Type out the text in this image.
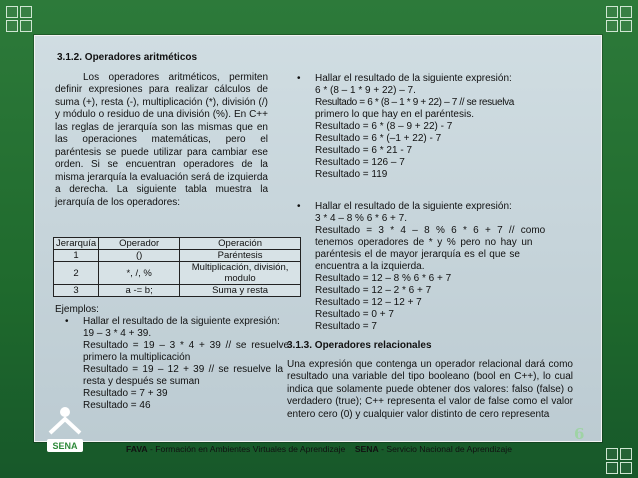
3.1.2. Operadores aritméticos
Los operadores aritméticos, permiten definir expresiones para realizar cálculos de suma (+), resta (-), multiplicación (*), división (/) y módulo o residuo de una división (%). En C++ las reglas de jerarquía son las mismas que en las operaciones matemáticas, pero el paréntesis se puede utilizar para cambiar ese orden. Si se encuentran operadores de la misma jerarquía la evaluación será de izquierda a derecha. La siguiente tabla muestra la jerarquía de los operadores:
Jerarquía	Operador	Operación
1	()	Paréntesis
2	*, /, %	Multiplicación, división, modulo
3	a -= b;	Suma y resta
Ejemplos:
• Hallar el resultado de la siguiente expresión:
19 – 3 * 4 + 39.
Resultado = 19 – 3 * 4 + 39 // se resuelve
primero la multiplicación
Resultado = 19 – 12 + 39 // se resuelve la
resta y después se suman
Resultado = 7 + 39
Resultado = 46
• Hallar el resultado de la siguiente expresión:
6 * (8 – 1 * 9 + 22) – 7.
Resultado = 6 * (8 – 1 * 9 + 22) – 7 // se resuelva
primero lo que hay en el paréntesis.
Resultado = 6 * (8 – 9 + 22) - 7
Resultado = 6 * (–1 + 22) - 7
Resultado = 6 * 21 - 7
Resultado = 126 – 7
Resultado = 119
• Hallar el resultado de la siguiente expresión:
3 * 4 – 8 % 6 * 6 + 7.
Resultado = 3 * 4 – 8 % 6 * 6 + 7 // como
tenemos operadores de * y % pero no hay un
paréntesis el de mayor jerarquía es el que se
encuentra a la izquierda.
Resultado = 12 – 8 % 6 * 6 + 7
Resultado = 12 – 2 * 6 + 7
Resultado = 12 – 12 + 7
Resultado = 0 + 7
Resultado = 7
3.1.3. Operadores relacionales
Una expresión que contenga un operador relacional dará como resultado una variable del tipo booleano (bool en C++), lo cual indica que solamente puede obtener dos valores: falso (false) o verdadero (true); C++ representa el valor de false como el valor entero cero (0) y cualquier valor distinto de cero representa
SENA
6
FAVA - Formación en Ambientes Virtuales de Aprendizaje SENA - Servicio Nacional de Aprendizaje
